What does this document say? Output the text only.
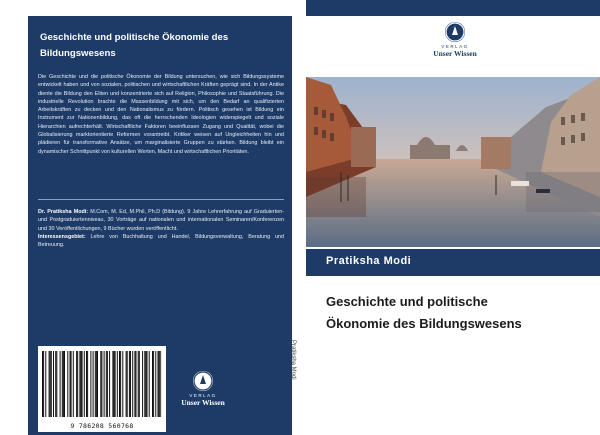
Geschichte und politische Ökonomie des Bildungswesens
Die Geschichte und die politische Ökonomie der Bildung untersuchen, wie sich Bildungssysteme entwickelt haben und von sozialen, politischen und wirtschaftlichen Kräften geprägt sind. In der Antike diente die Bildung den Eliten und konzentrierte sich auf Religion, Philosophie und Staatsführung. Die industrielle Revolution brachte die Massenbildung mit sich, um den Bedarf an qualifizierten Arbeitskräften zu decken und den Nationalismus zu fördern. Politisch gesehen ist Bildung ein Instrument zur Nationenbildung, das oft die herrschenden Ideologien widerspiegelt und soziale Hierarchien aufrechterhält. Wirtschaftliche Faktoren beeinflussen Zugang und Qualität, wobei die Globalisierung marktorientierte Reformen vorantreibt. Kritiker weisen auf Ungleichheiten hin und plädieren für transformative Ansätze, um marginalisierte Gruppen zu stärken. Bildung bleibt ein dynamischer Schnittpunkt von kulturellen Werten, Macht und wirtschaftlichen Prioritäten.
Dr. Pratiksha Modi: M.Com, M. Ed, M.Phil, Ph.D (Bildung). 9 Jahre Lehrerfahrung auf Graduierten- und Postgraduiertenniveau, 30 Vorträge auf nationalen und internationalen Seminaren/Konferenzen und 30 Veröffentlichungen, 9 Bücher wurden veröffentlicht.
Interessensgebiet: Lehre von Buchhaltung und Handel, Bildungsverwaltung, Beratung und Betreuung.
9 786208 560768
VERLAG
Unser Wissen
Pratiksha Modi
VERLAG
Unser Wissen
Pratiksha Modi
Geschichte und politische
Ökonomie des Bildungswesens
